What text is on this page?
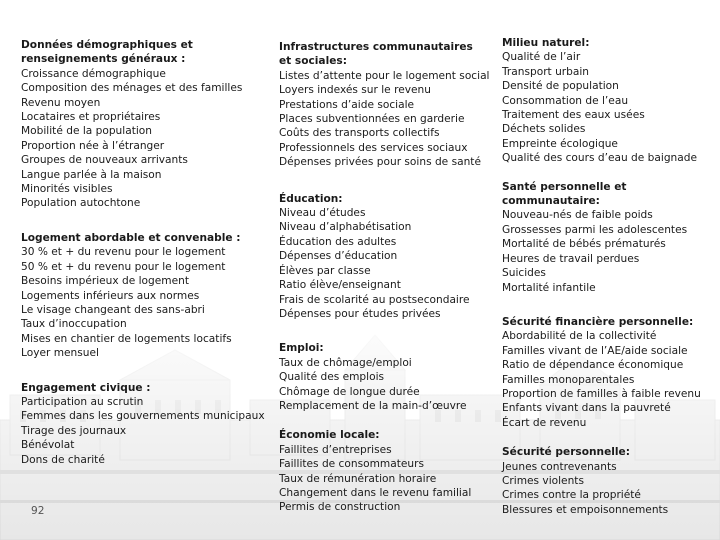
Données démographiques et renseignements généraux :
Croissance démographique
Composition des ménages et des familles
Revenu moyen
Locataires et propriétaires
Mobilité de la population
Proportion née à l’étranger
Groupes de nouveaux arrivants
Langue parlée à la maison
Minorités visibles
Population autochtone
Logement abordable et convenable :
30 % et + du revenu pour le logement
50 % et + du revenu pour le logement
Besoins impérieux de logement
Logements inférieurs aux normes
Le visage changeant des sans-abri
Taux d’inoccupation
Mises en chantier de logements locatifs
Loyer mensuel
Engagement civique :
Participation au scrutin
Femmes dans les gouvernements municipaux
Tirage des journaux
Bénévolat
Dons de charité
Infrastructures communautaires
et sociales:
Listes d’attente pour le logement social
Loyers indexés sur le revenu
Prestations d’aide sociale
Places subventionnées en garderie
Coûts des transports collectifs
Professionnels des services sociaux
Dépenses privées pour soins de santé
Éducation:
Niveau d’études
Niveau d’alphabétisation
Éducation des adultes
Dépenses d’éducation
Élèves par classe
Ratio élève/enseignant
Frais de scolarité au postsecondaire
Dépenses pour études privées
Emploi:
Taux de chômage/emploi
Qualité des emplois
Chômage de longue durée
Remplacement de la main-d’œuvre
Économie locale:
Faillites d’entreprises
Faillites de consommateurs
Taux de rémunération horaire
Changement dans le revenu familial
Permis de construction
Milieu naturel:
Qualité de l’air
Transport urbain
Densité de population
Consommation de l’eau
Traitement des eaux usées
Déchets solides
Empreinte écologique
Qualité des cours d’eau de baignade
Santé personnelle et communautaire:
Nouveau-nés de faible poids
Grossesses parmi les adolescentes
Mortalité de bébés prématurés
Heures de travail perdues
Suicides
Mortalité infantile
Sécurité financière personnelle:
Abordabilité de la collectivité
Familles vivant de l’AE/aide sociale
Ratio de dépendance économique
Familles monoparentales
Proportion de familles à faible revenu
Enfants vivant dans la pauvreté
Écart de revenu
Sécurité personnelle:
Jeunes contrevenants
Crimes violents
Crimes contre la propriété
Blessures et empoisonnements
92
